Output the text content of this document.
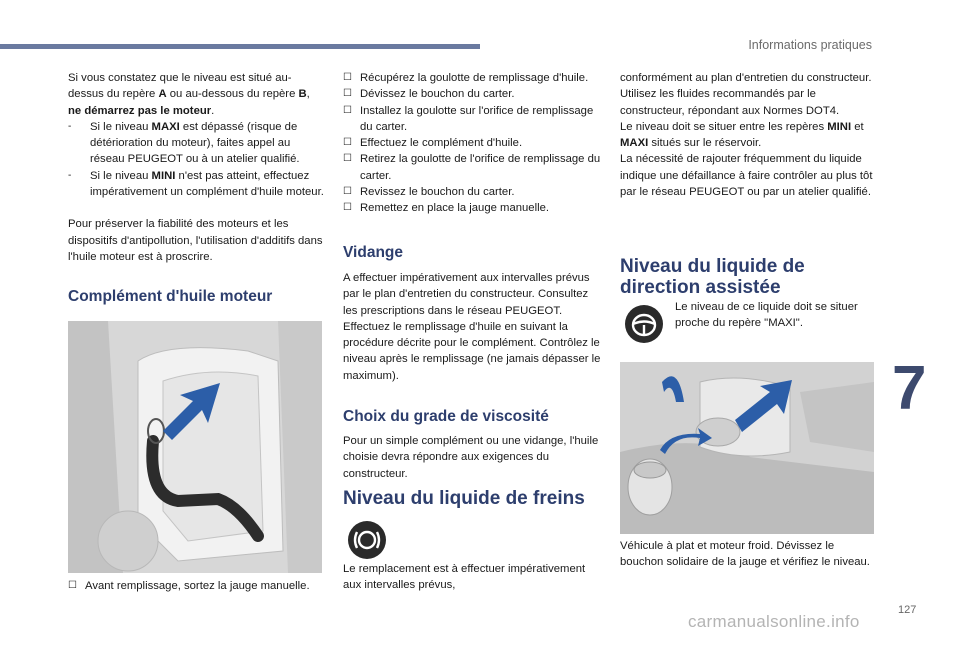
Informations pratiques

Si vous constatez que le niveau est situé au-dessus du repère A ou au-dessous du repère B, ne démarrez pas le moteur.

-	Si le niveau MAXI est dépassé (risque de détérioration du moteur), faites appel au réseau PEUGEOT ou à un atelier qualifié.
-	Si le niveau MINI n'est pas atteint, effectuez impérativement un complément d'huile moteur.

Pour préserver la fiabilité des moteurs et les dispositifs d'antipollution, l'utilisation d'additifs dans l'huile moteur est à proscrire.

Complément d'huile moteur
☐ Avant remplissage, sortez la jauge manuelle.
☐ Récupérez la goulotte de remplissage d'huile.
☐ Dévissez le bouchon du carter.
☐ Installez la goulotte sur l'orifice de remplissage du carter.
☐ Effectuez le complément d'huile.
☐ Retirez la goulotte de l'orifice de remplissage du carter.
☐ Revissez le bouchon du carter.
☐ Remettez en place la jauge manuelle.
Vidange

A effectuer impérativement aux intervalles prévus par le plan d'entretien du constructeur. Consultez les prescriptions dans le réseau PEUGEOT. Effectuez le remplissage d'huile en suivant la procédure décrite pour le complément. Contrôlez le niveau après le remplissage (ne jamais dépasser le maximum).

Choix du grade de viscosité

Pour un simple complément ou une vidange, l'huile choisie devra répondre aux exigences du constructeur.

Niveau du liquide de freins

Le remplacement est à effectuer impérativement aux intervalles prévus,

conformément au plan d'entretien du constructeur.

Utilisez les fluides recommandés par le constructeur, répondant aux Normes DOT4.

Le niveau doit se situer entre les repères MINI et MAXI situés sur le réservoir.

La nécessité de rajouter fréquemment du liquide indique une défaillance à faire contrôler au plus tôt par le réseau PEUGEOT ou par un atelier qualifié.

Niveau du liquide de
direction assistée

Le niveau de ce liquide doit se situer proche du repère "MAXI".

Véhicule à plat et moteur froid. Dévissez le bouchon solidaire de la jauge et vérifiez le niveau.

7
127
carmanualsonline.info
